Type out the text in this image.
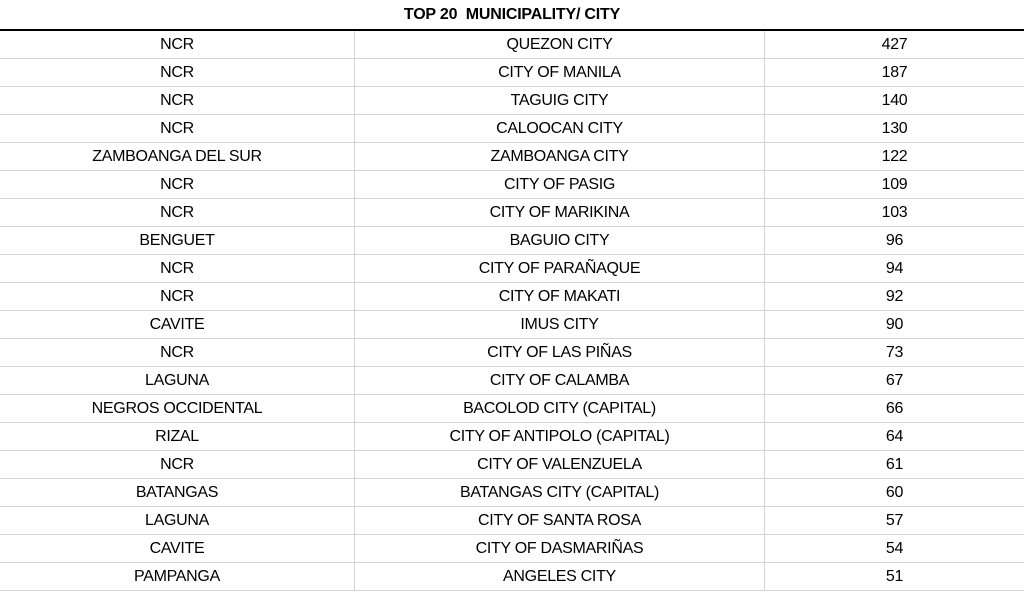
TOP 20  MUNICIPALITY/ CITY
NCR	QUEZON CITY	427
NCR	CITY OF MANILA	187
NCR	TAGUIG CITY	140
NCR	CALOOCAN CITY	130
ZAMBOANGA DEL SUR	ZAMBOANGA CITY	122
NCR	CITY OF PASIG	109
NCR	CITY OF MARIKINA	103
BENGUET	BAGUIO CITY	96
NCR	CITY OF PARAÑAQUE	94
NCR	CITY OF MAKATI	92
CAVITE	IMUS CITY	90
NCR	CITY OF LAS PIÑAS	73
LAGUNA	CITY OF CALAMBA	67
NEGROS OCCIDENTAL	BACOLOD CITY (CAPITAL)	66
RIZAL	CITY OF ANTIPOLO (CAPITAL)	64
NCR	CITY OF VALENZUELA	61
BATANGAS	BATANGAS CITY (CAPITAL)	60
LAGUNA	CITY OF SANTA ROSA	57
CAVITE	CITY OF DASMARIÑAS	54
PAMPANGA	ANGELES CITY	51
